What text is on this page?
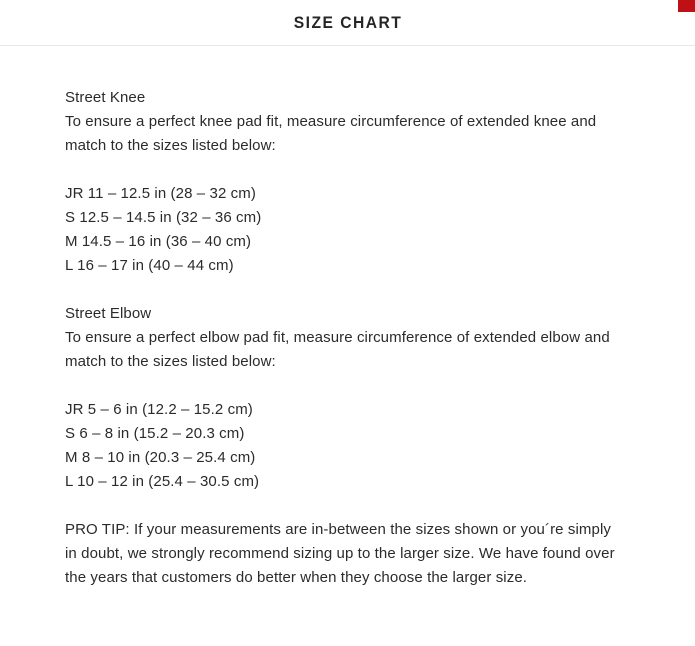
SIZE CHART

Street Knee

To ensure a perfect knee pad fit, measure circumference of extended knee and match to the sizes listed below:

JR 11 – 12.5 in (28 – 32 cm)
S 12.5 – 14.5 in (32 – 36 cm)
M 14.5 – 16 in (36 – 40 cm)
L 16 – 17 in (40 – 44 cm)

Street Elbow

To ensure a perfect elbow pad fit, measure circumference of extended elbow and match to the sizes listed below:

JR 5 – 6 in (12.2 – 15.2 cm)
S 6 – 8 in (15.2 – 20.3 cm)
M 8 – 10 in (20.3 – 25.4 cm)
L 10 – 12 in (25.4 – 30.5 cm)

PRO TIP: If your measurements are in-between the sizes shown or you´re simply in doubt, we strongly recommend sizing up to the larger size. We have found over the years that customers do better when they choose the larger size.
